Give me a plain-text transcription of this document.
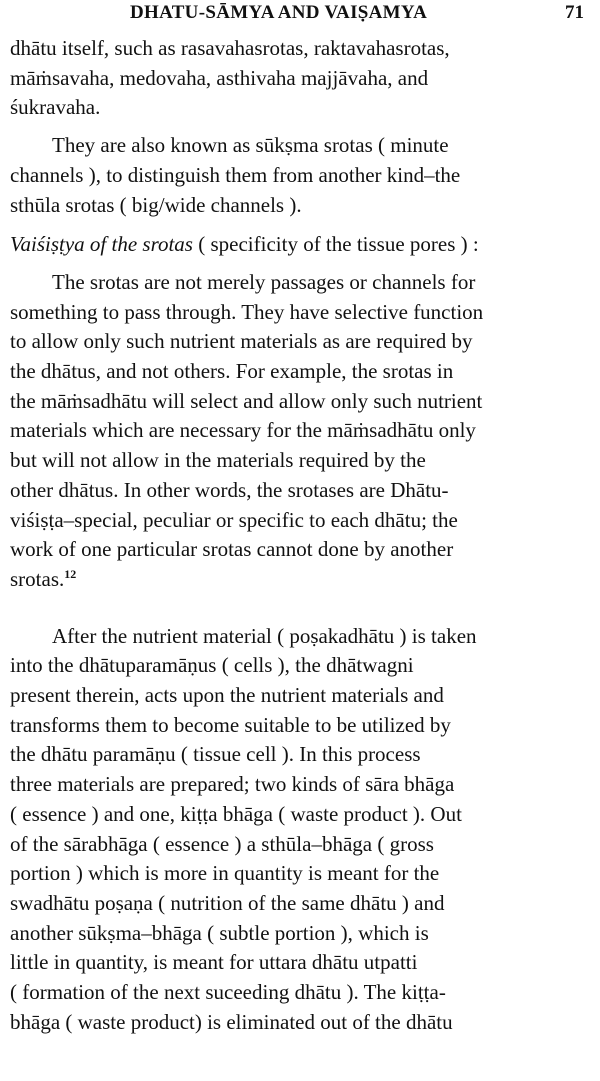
DHATU-SĀMYA AND VAIṢAMYA	71

dhātu itself, such as rasavahasrotas, raktavahasrotas,
māṁsavaha, medovaha, asthivaha majjāvaha, and
śukravaha.

They are also known as sūkṣma srotas ( minute
channels ), to distinguish them from another kind–the
sthūla srotas ( big/wide channels ).

Vaiśiṣṭya of the srotas ( specificity of the tissue pores ) :

The srotas are not merely passages or channels for
something to pass through. They have selective function
to allow only such nutrient materials as are required by
the dhātus, and not others. For example, the srotas in
the māṁsadhātu will select and allow only such nutrient
materials which are necessary for the māṁsadhātu only
but will not allow in the materials required by the
other dhātus. In other words, the srotases are Dhātu-
viśiṣṭa–special, peculiar or specific to each dhātu; the
work of one particular srotas cannot done by another
srotas.$^{12}$

After the nutrient material ( poṣakadhātu ) is taken
into the dhātuparamāṇus ( cells ), the dhātwagni
present therein, acts upon the nutrient materials and
transforms them to become suitable to be utilized by
the dhātu paramāṇu ( tissue cell ). In this process
three materials are prepared; two kinds of sāra bhāga
( essence ) and one, kiṭṭa bhāga ( waste product ). Out
of the sārabhāga ( essence ) a sthūla–bhāga ( gross
portion ) which is more in quantity is meant for the
swadhātu poṣaṇa ( nutrition of the same dhātu ) and
another sūkṣma–bhāga ( subtle portion ), which is
little in quantity, is meant for uttara dhātu utpatti
( formation of the next suceeding dhātu ). The kiṭṭa-
bhāga ( waste product) is eliminated out of the dhātu
